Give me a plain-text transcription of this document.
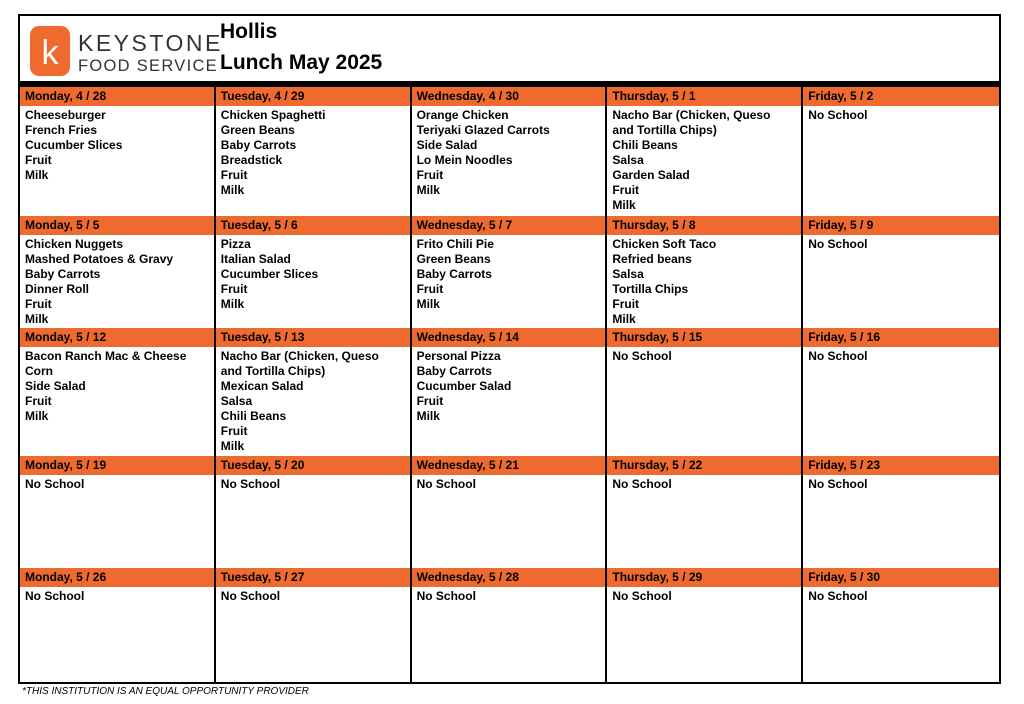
k KEYSTONE
FOOD SERVICE
Hollis
Lunch May 2025
Monday, 4 / 28
Cheeseburger
French Fries
Cucumber Slices
Fruit
Milk
Tuesday, 4 / 29
Chicken Spaghetti
Green Beans
Baby Carrots
Breadstick
Fruit
Milk
Wednesday, 4 / 30
Orange Chicken
Teriyaki Glazed Carrots
Side Salad
Lo Mein Noodles
Fruit
Milk
Thursday, 5 / 1
Nacho Bar (Chicken, Queso
and Tortilla Chips)
Chili Beans
Salsa
Garden Salad
Fruit
Milk
Friday, 5 / 2
No School
Monday, 5 / 5
Chicken Nuggets
Mashed Potatoes & Gravy
Baby Carrots
Dinner Roll
Fruit
Milk
Tuesday, 5 / 6
Pizza
Italian Salad
Cucumber Slices
Fruit
Milk
Wednesday, 5 / 7
Frito Chili Pie
Green Beans
Baby Carrots
Fruit
Milk
Thursday, 5 / 8
Chicken Soft Taco
Refried beans
Salsa
Tortilla Chips
Fruit
Milk
Friday, 5 / 9
No School
Monday, 5 / 12
Bacon Ranch Mac & Cheese
Corn
Side Salad
Fruit
Milk
Tuesday, 5 / 13
Nacho Bar (Chicken, Queso
and Tortilla Chips)
Mexican Salad
Salsa
Chili Beans
Fruit
Milk
Wednesday, 5 / 14
Personal Pizza
Baby Carrots
Cucumber Salad
Fruit
Milk
Thursday, 5 / 15
No School
Friday, 5 / 16
No School
Monday, 5 / 19
No School
Tuesday, 5 / 20
No School
Wednesday, 5 / 21
No School
Thursday, 5 / 22
No School
Friday, 5 / 23
No School
Monday, 5 / 26
No School
Tuesday, 5 / 27
No School
Wednesday, 5 / 28
No School
Thursday, 5 / 29
No School
Friday, 5 / 30
No School
*THIS INSTITUTION IS AN EQUAL OPPORTUNITY PROVIDER
